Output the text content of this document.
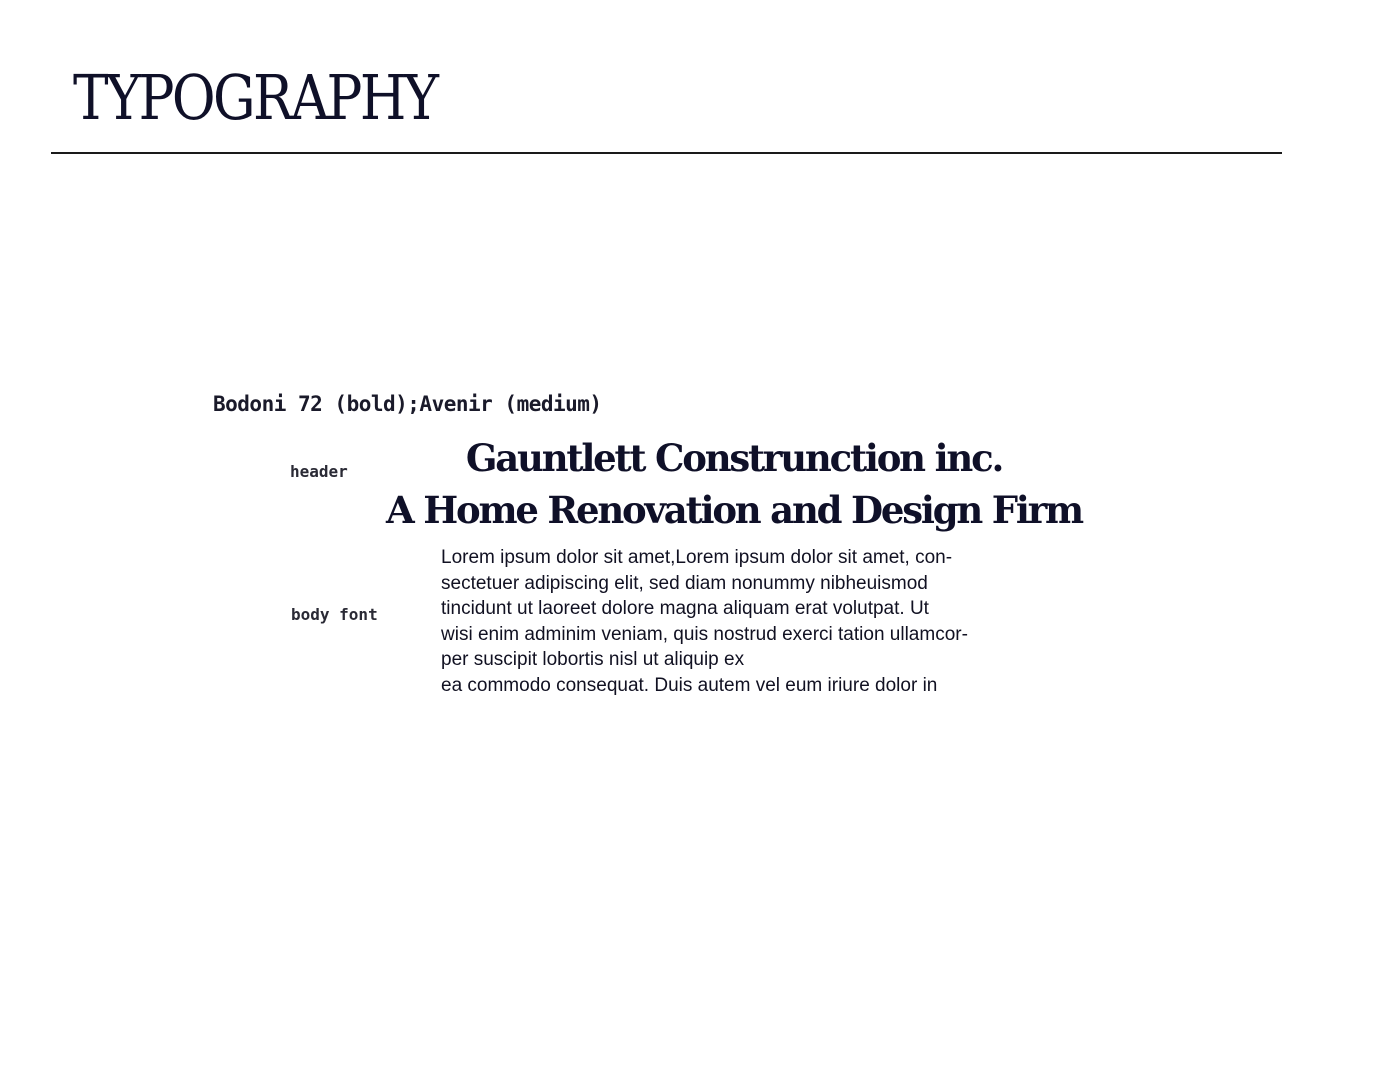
TYPOGRAPHY
Bodoni 72 (bold);Avenir (medium)
header
body font
Gauntlett Construnction inc.
A Home Renovation and Design Firm
Lorem ipsum dolor sit amet,Lorem ipsum dolor sit amet, con-
sectetuer adipiscing elit, sed diam nonummy nibheuismod
tincidunt ut laoreet dolore magna aliquam erat volutpat. Ut
wisi enim adminim veniam, quis nostrud exerci tation ullamcor-
per suscipit lobortis nisl ut aliquip ex
ea commodo consequat. Duis autem vel eum iriure dolor in
